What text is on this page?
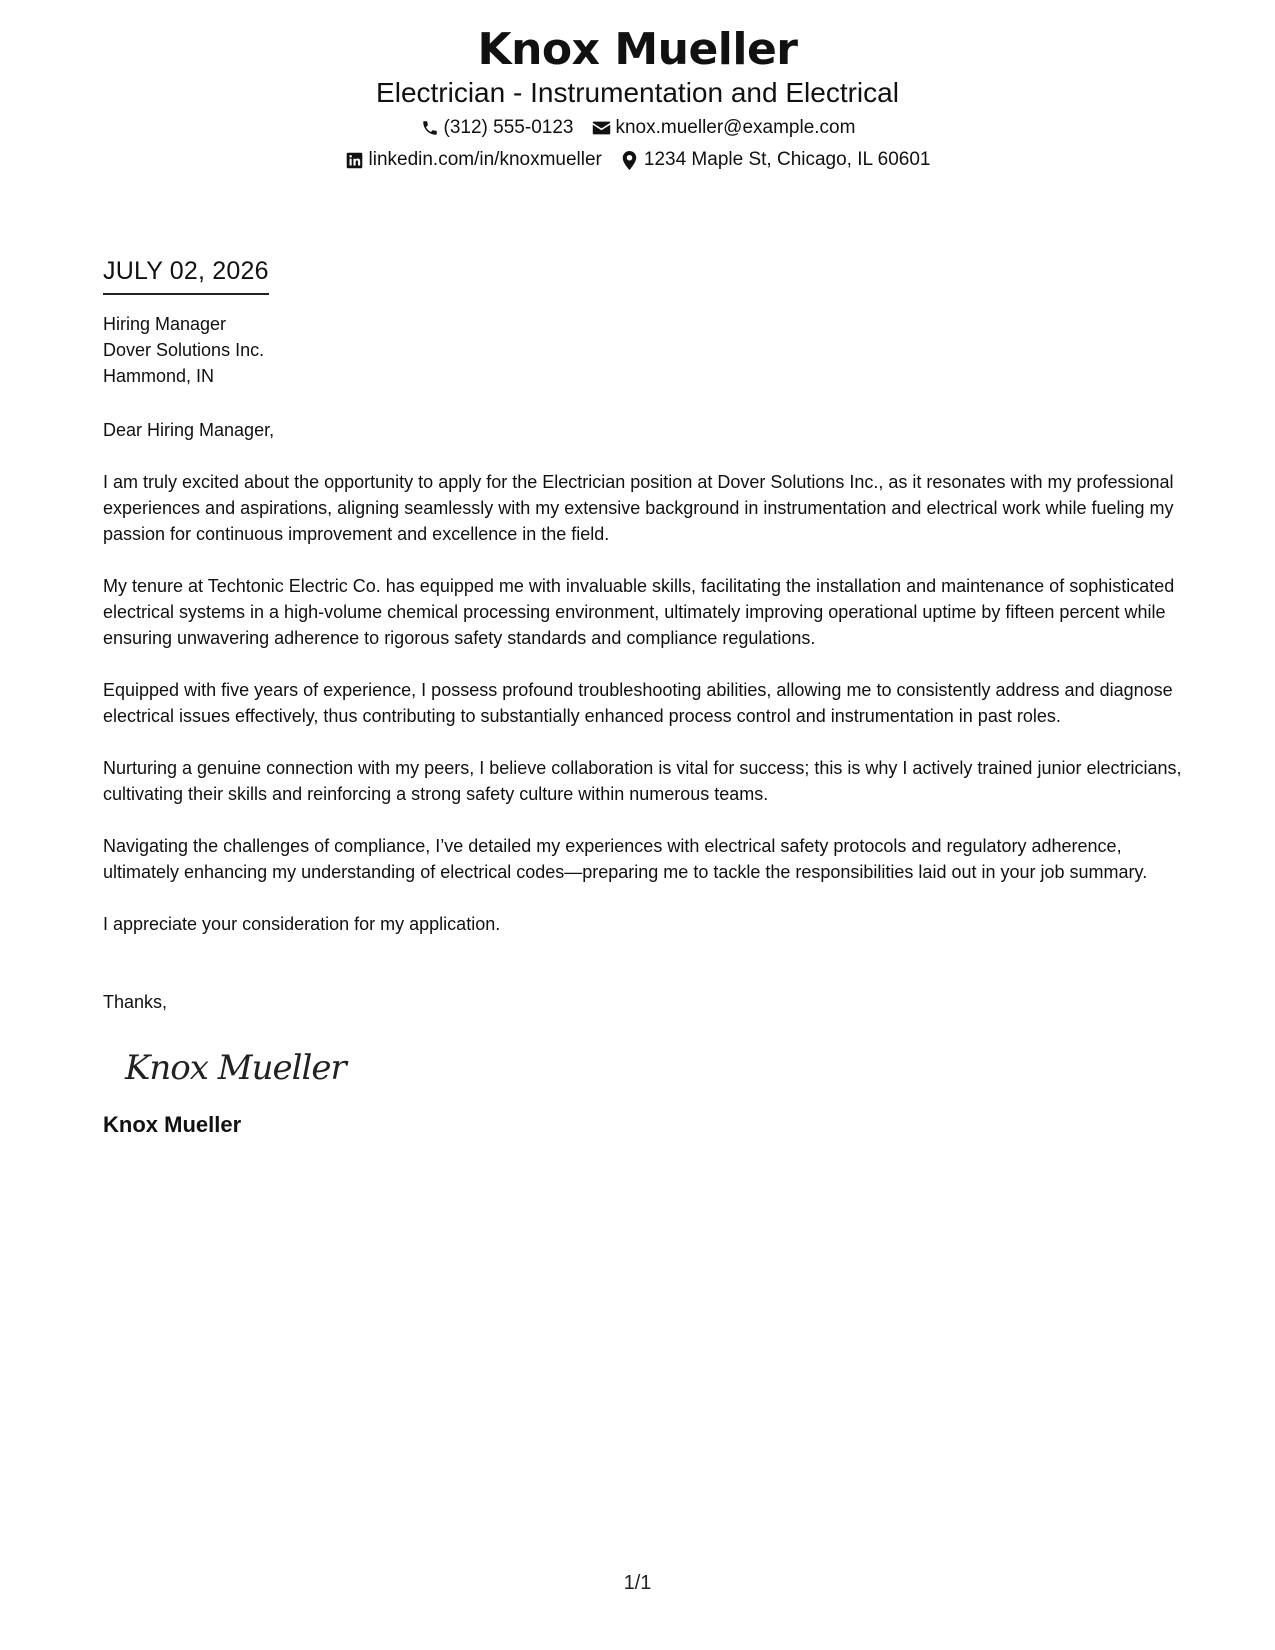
Knox Mueller
Electrician - Instrumentation and Electrical
(312) 555-0123 knox.mueller@example.com
linkedin.com/in/knoxmueller 1234 Maple St, Chicago, IL 60601
JULY 02, 2026
Hiring Manager
Dover Solutions Inc.
Hammond, IN
Dear Hiring Manager,
I am truly excited about the opportunity to apply for the Electrician position at Dover Solutions Inc., as it resonates with my professional experiences and aspirations, aligning seamlessly with my extensive background in instrumentation and electrical work while fueling my passion for continuous improvement and excellence in the field.
My tenure at Techtonic Electric Co. has equipped me with invaluable skills, facilitating the installation and maintenance of sophisticated electrical systems in a high-volume chemical processing environment, ultimately improving operational uptime by fifteen percent while ensuring unwavering adherence to rigorous safety standards and compliance regulations.
Equipped with five years of experience, I possess profound troubleshooting abilities, allowing me to consistently address and diagnose electrical issues effectively, thus contributing to substantially enhanced process control and instrumentation in past roles.
Nurturing a genuine connection with my peers, I believe collaboration is vital for success; this is why I actively trained junior electricians, cultivating their skills and reinforcing a strong safety culture within numerous teams.
Navigating the challenges of compliance, I’ve detailed my experiences with electrical safety protocols and regulatory adherence, ultimately enhancing my understanding of electrical codes—preparing me to tackle the responsibilities laid out in your job summary.
I appreciate your consideration for my application.
Thanks,
Knox Mueller
Knox Mueller
1/1
